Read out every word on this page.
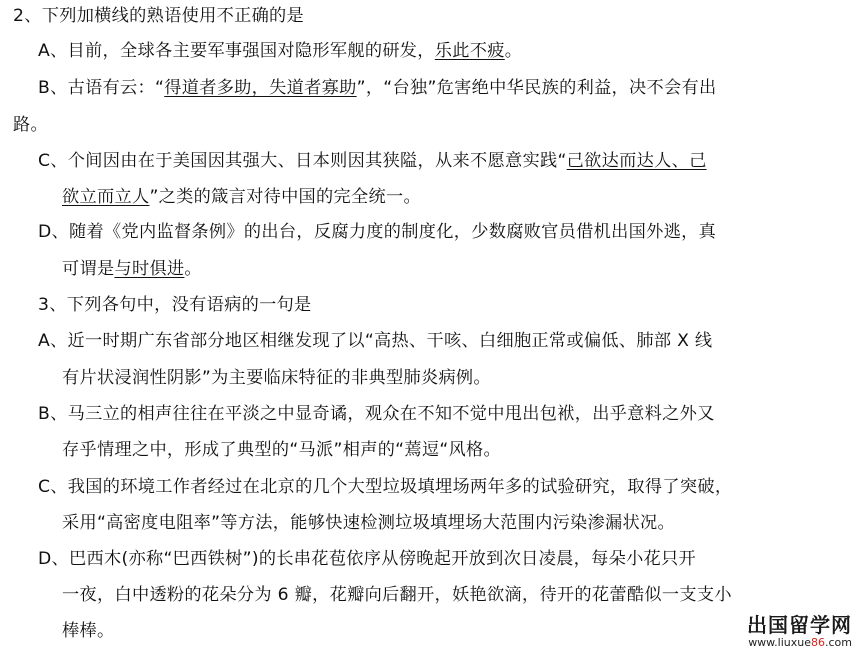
2、下列加横线的熟语使用不正确的是
A、目前，全球各主要军事强国对隐形军舰的研发，乐此不疲。
B、古语有云：“得道者多助，失道者寡助”，“台独”危害绝中华民族的利益，决不会有出
路。
C、个间因由在于美国因其强大、日本则因其狭隘，从来不愿意实践“己欲达而达人、己
欲立而立人”之类的箴言对待中国的完全统一。
D、随着《党内监督条例》的出台，反腐力度的制度化，少数腐败官员借机出国外逃，真
可谓是与时俱进。
3、下列各句中，没有语病的一句是
A、近一时期广东省部分地区相继发现了以“高热、干咳、白细胞正常或偏低、肺部 X 线
有片状浸润性阴影”为主要临床特征的非典型肺炎病例。
B、马三立的相声往往在平淡之中显奇谲，观众在不知不觉中甩出包袱，出乎意料之外又
存乎情理之中，形成了典型的“马派”相声的“蔫逗“风格。
C、我国的环境工作者经过在北京的几个大型垃圾填埋场两年多的试验研究，取得了突破，
采用“高密度电阻率”等方法，能够快速检测垃圾填埋场大范围内污染渗漏状况。
D、巴西木(亦称“巴西铁树”)的长串花苞依序从傍晚起开放到次日凌晨，每朵小花只开
一夜，白中透粉的花朵分为 6 瓣，花瓣向后翻开，妖艳欲滴，待开的花蕾酷似一支支小
棒棒。	出国留学网
www.liuxue86.com
